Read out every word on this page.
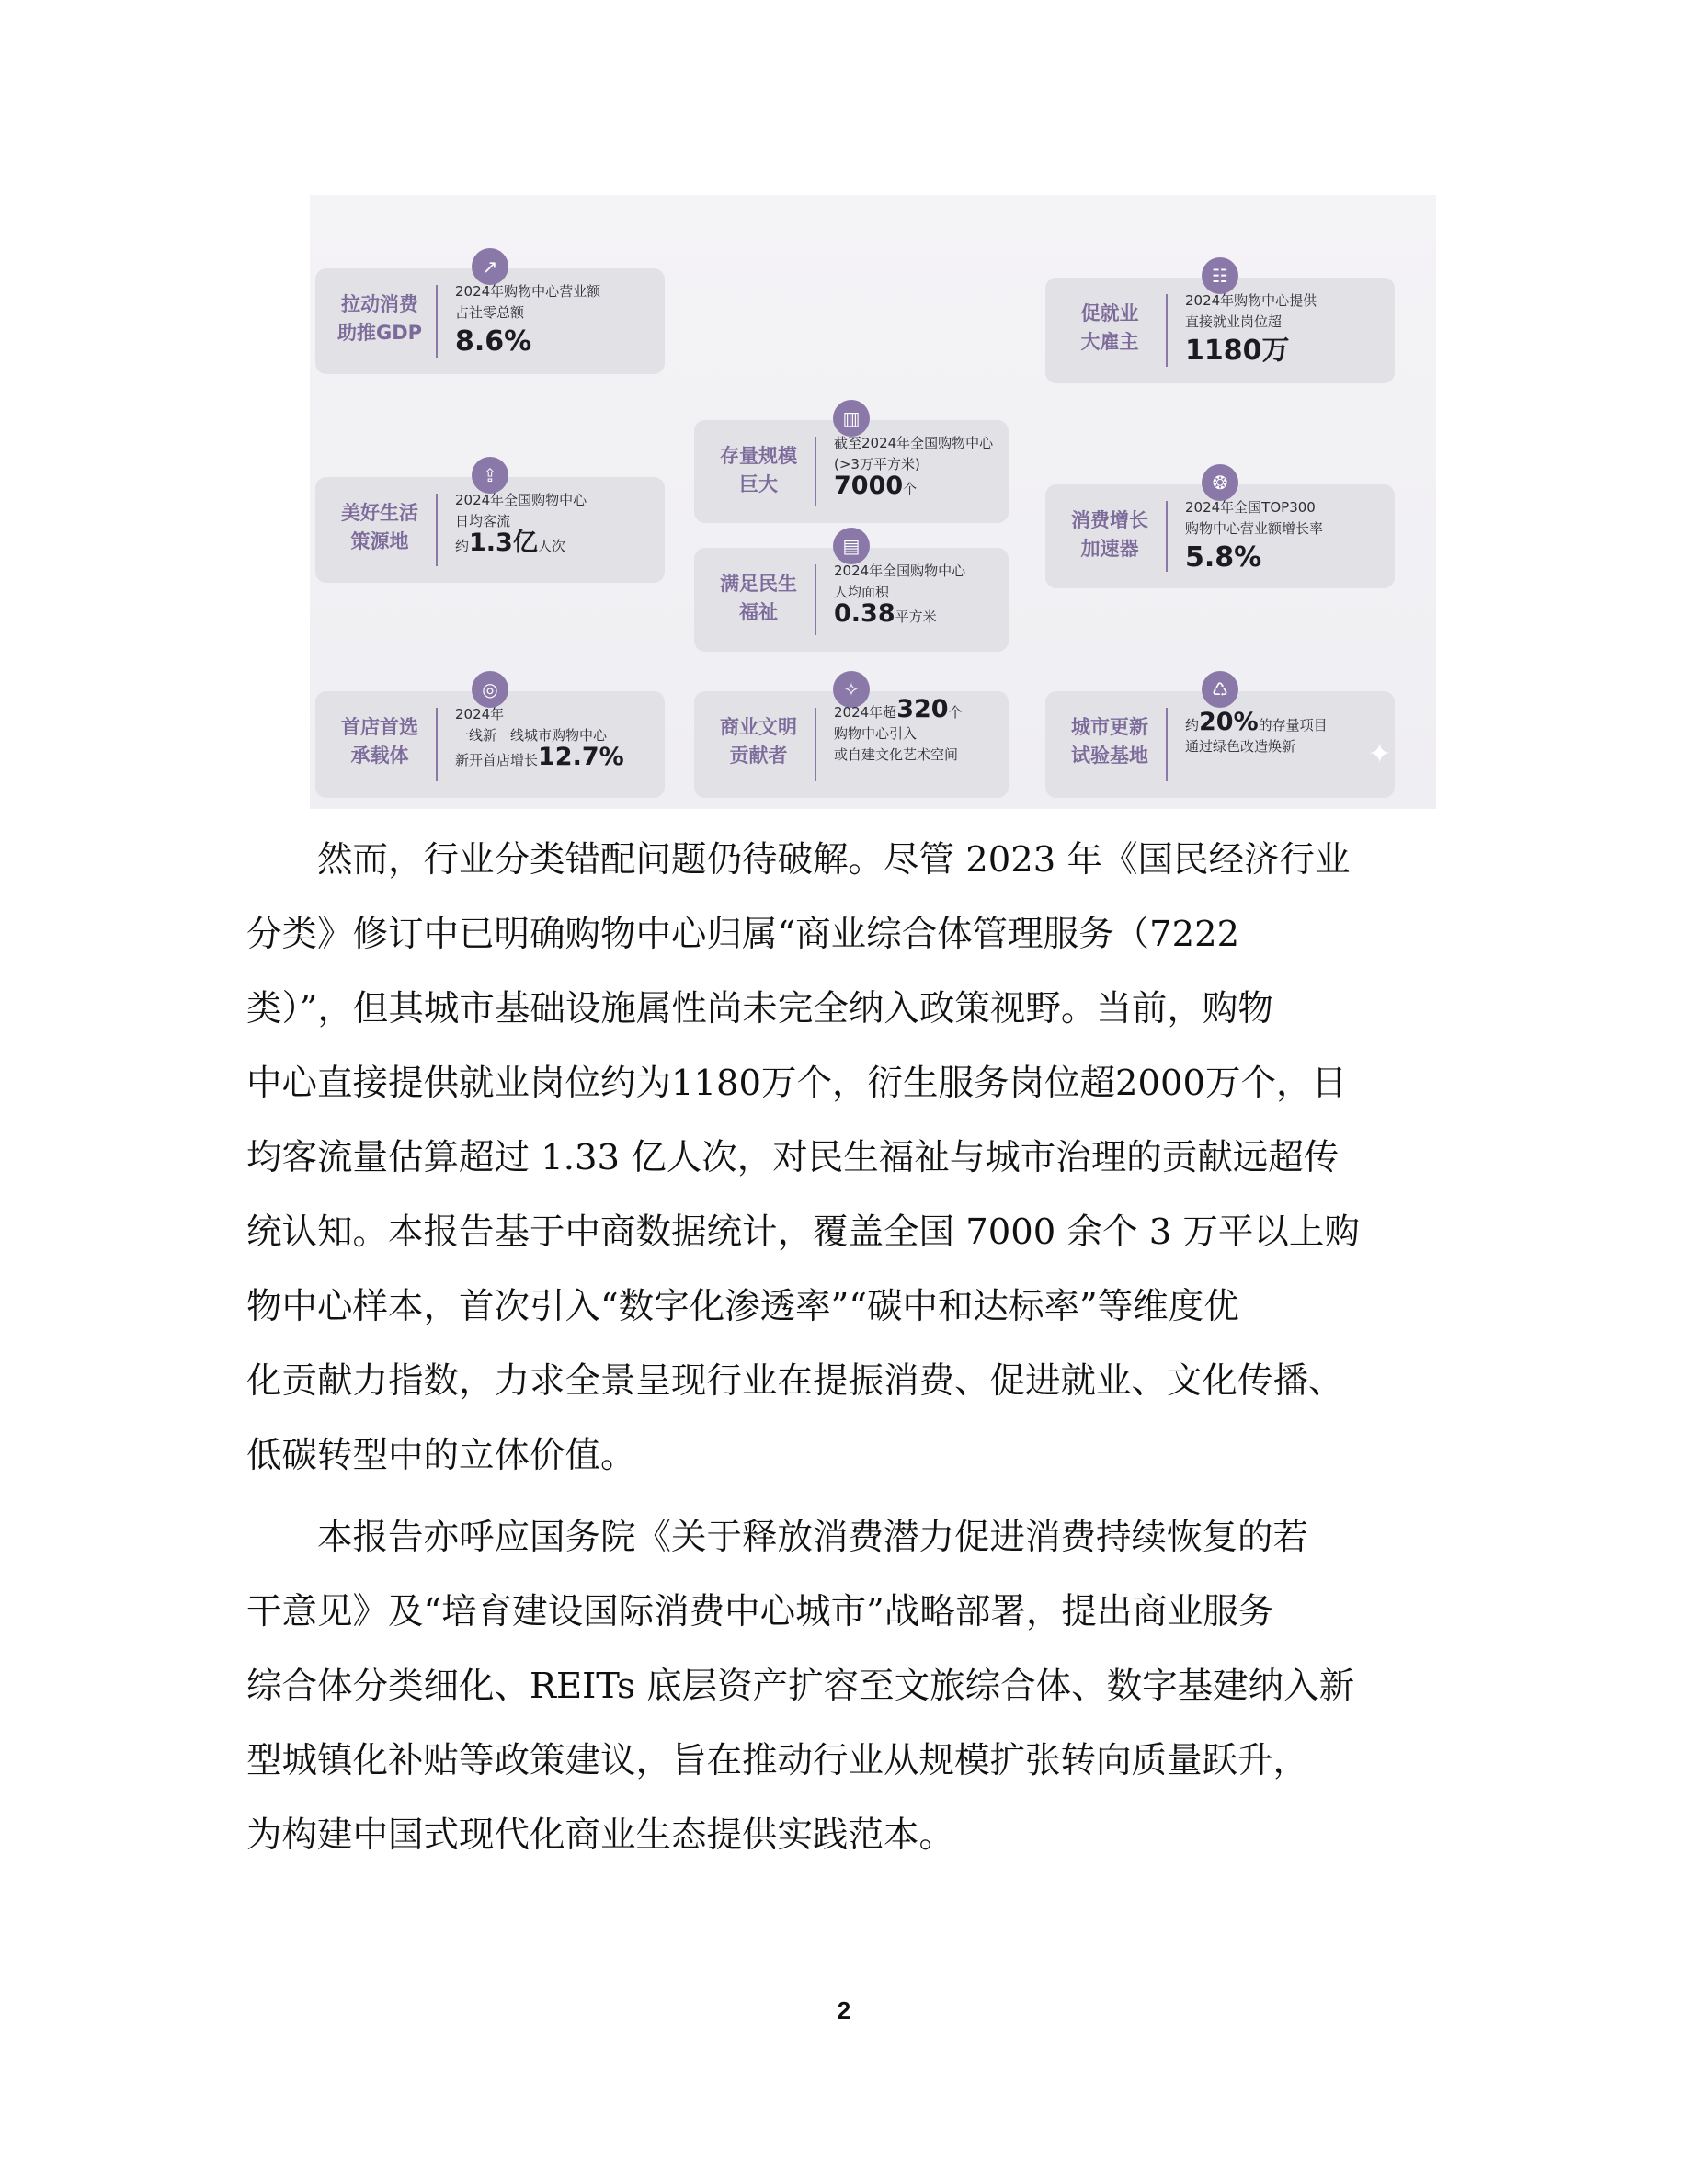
↗
拉动消费
助推GDP
2024年购物中心营业额
占社零总额
8.6%
☷
促就业
大雇主
2024年购物中心提供
直接就业岗位超
1180万
▥
存量规模
巨大
截至2024年全国购物中心
(>3万平方米)
7000个
⇪
美好生活
策源地
2024年全国购物中心
日均客流
约1.3亿人次
❂
消费增长
加速器
2024年全国TOP300
购物中心营业额增长率
5.8%
▤
满足民生
福祉
2024年全国购物中心
人均面积
0.38平方米
◎
首店首选
承载体
2024年
一线新一线城市购物中心
新开首店增长12.7%
✧
商业文明
贡献者
2024年超320个
购物中心引入
或自建文化艺术空间
♺
城市更新
试验基地
约20%的存量项目
通过绿色改造焕新	✦
　　然而，行业分类错配问题仍待破解。尽管 2023 年《国民经济行业
分类》修订中已明确购物中心归属“商业综合体管理服务（7222
类）”，但其城市基础设施属性尚未完全纳入政策视野。当前，购物
中心直接提供就业岗位约为1180万个，衍生服务岗位超2000万个，日
均客流量估算超过 1.33 亿人次，对民生福祉与城市治理的贡献远超传
统认知。本报告基于中商数据统计，覆盖全国 7000 余个 3 万平以上购
物中心样本，首次引入“数字化渗透率”“碳中和达标率”等维度优
化贡献力指数，力求全景呈现行业在提振消费、促进就业、文化传播、
低碳转型中的立体价值。
　　本报告亦呼应国务院《关于释放消费潜力促进消费持续恢复的若
干意见》及“培育建设国际消费中心城市”战略部署，提出商业服务
综合体分类细化、REITs 底层资产扩容至文旅综合体、数字基建纳入新
型城镇化补贴等政策建议，旨在推动行业从规模扩张转向质量跃升，
为构建中国式现代化商业生态提供实践范本。
2
